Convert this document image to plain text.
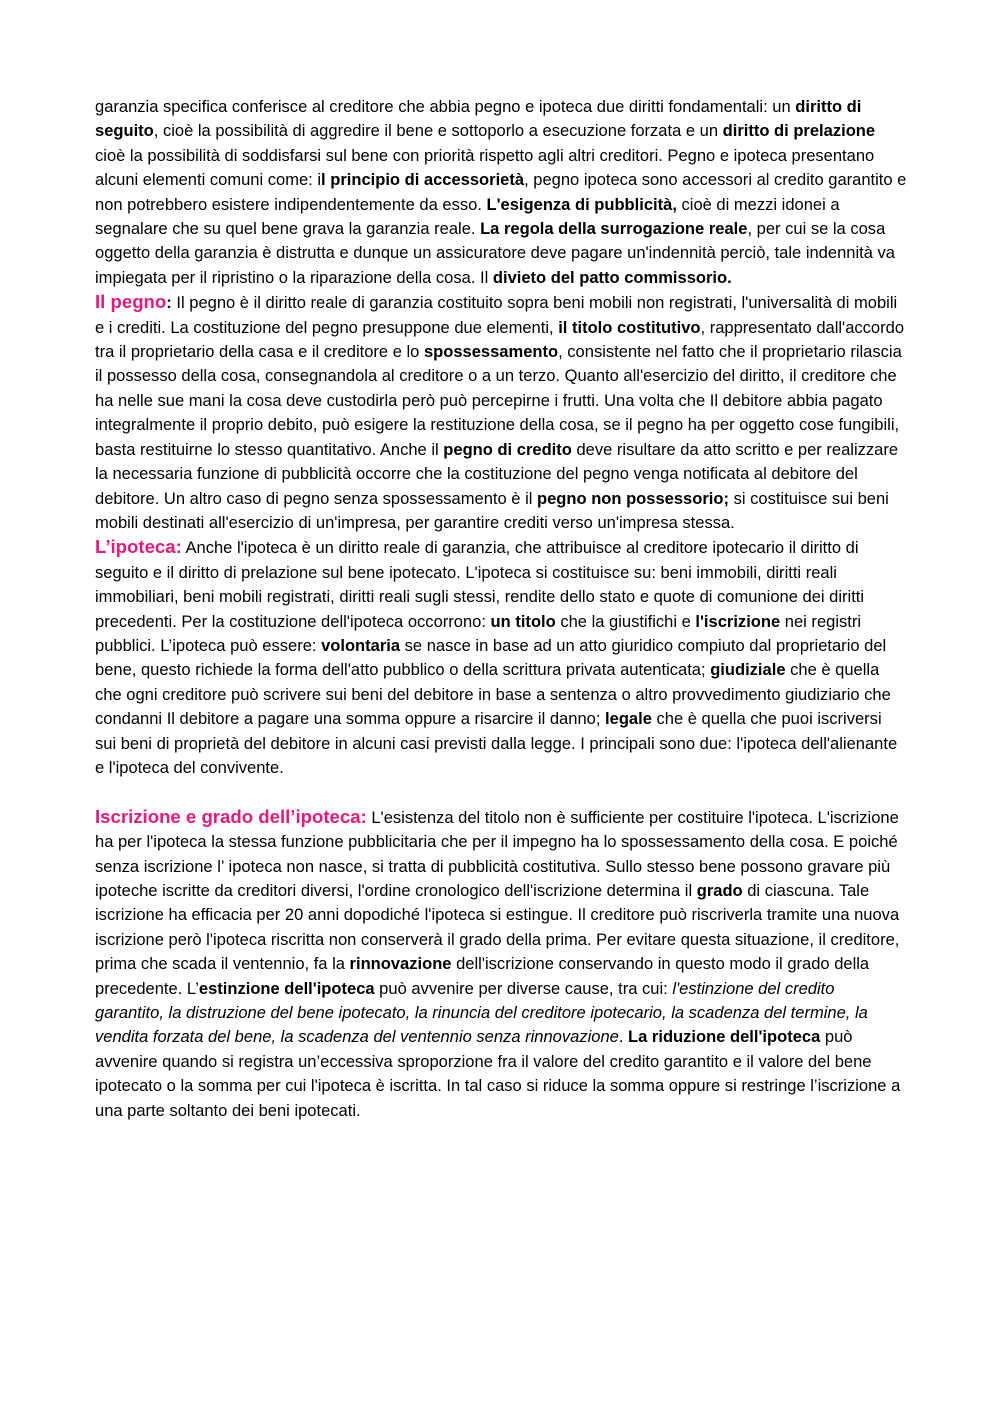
garanzia specifica conferisce al creditore che abbia pegno e ipoteca due diritti fondamentali: un diritto di seguito, cioè la possibilità di aggredire il bene e sottoporlo a esecuzione forzata e un diritto di prelazione cioè la possibilità di soddisfarsi sul bene con priorità rispetto agli altri creditori. Pegno e ipoteca presentano alcuni elementi comuni come: il principio di accessorietà, pegno ipoteca sono accessori al credito garantito e non potrebbero esistere indipendentemente da esso. L'esigenza di pubblicità, cioè di mezzi idonei a segnalare che su quel bene grava la garanzia reale. La regola della surrogazione reale, per cui se la cosa oggetto della garanzia è distrutta e dunque un assicuratore deve pagare un'indennità perciò, tale indennità va impiegata per il ripristino o la riparazione della cosa. Il divieto del patto commissorio.

Il pegno: Il pegno è il diritto reale di garanzia costituito sopra beni mobili non registrati, l'universalità di mobili e i crediti. La costituzione del pegno presuppone due elementi, il titolo costitutivo, rappresentato dall'accordo tra il proprietario della casa e il creditore e lo spossessamento, consistente nel fatto che il proprietario rilascia il possesso della cosa, consegnandola al creditore o a un terzo. Quanto all'esercizio del diritto, il creditore che ha nelle sue mani la cosa deve custodirla però può percepirne i frutti. Una volta che Il debitore abbia pagato integralmente il proprio debito, può esigere la restituzione della cosa, se il pegno ha per oggetto cose fungibili, basta restituirne lo stesso quantitativo. Anche il pegno di credito deve risultare da atto scritto e per realizzare la necessaria funzione di pubblicità occorre che la costituzione del pegno venga notificata al debitore del debitore. Un altro caso di pegno senza spossessamento è il pegno non possessorio; si costituisce sui beni mobili destinati all'esercizio di un'impresa, per garantire crediti verso un'impresa stessa.

L’ipoteca: Anche l'ipoteca è un diritto reale di garanzia, che attribuisce al creditore ipotecario il diritto di seguito e il diritto di prelazione sul bene ipotecato. L'ipoteca si costituisce su: beni immobili, diritti reali immobiliari, beni mobili registrati, diritti reali sugli stessi, rendite dello stato e quote di comunione dei diritti precedenti. Per la costituzione dell'ipoteca occorrono: un titolo che la giustifichi e l'iscrizione nei registri pubblici. L’ipoteca può essere: volontaria se nasce in base ad un atto giuridico compiuto dal proprietario del bene, questo richiede la forma dell'atto pubblico o della scrittura privata autenticata; giudiziale che è quella che ogni creditore può scrivere sui beni del debitore in base a sentenza o altro provvedimento giudiziario che condanni Il debitore a pagare una somma oppure a risarcire il danno; legale che è quella che puoi iscriversi sui beni di proprietà del debitore in alcuni casi previsti dalla legge. I principali sono due: l'ipoteca dell'alienante e l'ipoteca del convivente.

Iscrizione e grado dell’ipoteca: L'esistenza del titolo non è sufficiente per costituire l'ipoteca. L'iscrizione ha per l'ipoteca la stessa funzione pubblicitaria che per il impegno ha lo spossessamento della cosa. E poiché senza iscrizione l’ ipoteca non nasce, si tratta di pubblicità costitutiva. Sullo stesso bene possono gravare più ipoteche iscritte da creditori diversi, l'ordine cronologico dell'iscrizione determina il grado di ciascuna. Tale iscrizione ha efficacia per 20 anni dopodiché l'ipoteca si estingue. Il creditore può riscriverla tramite una nuova iscrizione però l'ipoteca riscritta non conserverà il grado della prima. Per evitare questa situazione, il creditore, prima che scada il ventennio, fa la rinnovazione dell'iscrizione conservando in questo modo il grado della precedente. L’estinzione dell'ipoteca può avvenire per diverse cause, tra cui: l'estinzione del credito garantito, la distruzione del bene ipotecato, la rinuncia del creditore ipotecario, la scadenza del termine, la vendita forzata del bene, la scadenza del ventennio senza rinnovazione. La riduzione dell'ipoteca può avvenire quando si registra un’eccessiva sproporzione fra il valore del credito garantito e il valore del bene ipotecato o la somma per cui l'ipoteca è iscritta. In tal caso si riduce la somma oppure si restringe l’iscrizione a una parte soltanto dei beni ipotecati.
